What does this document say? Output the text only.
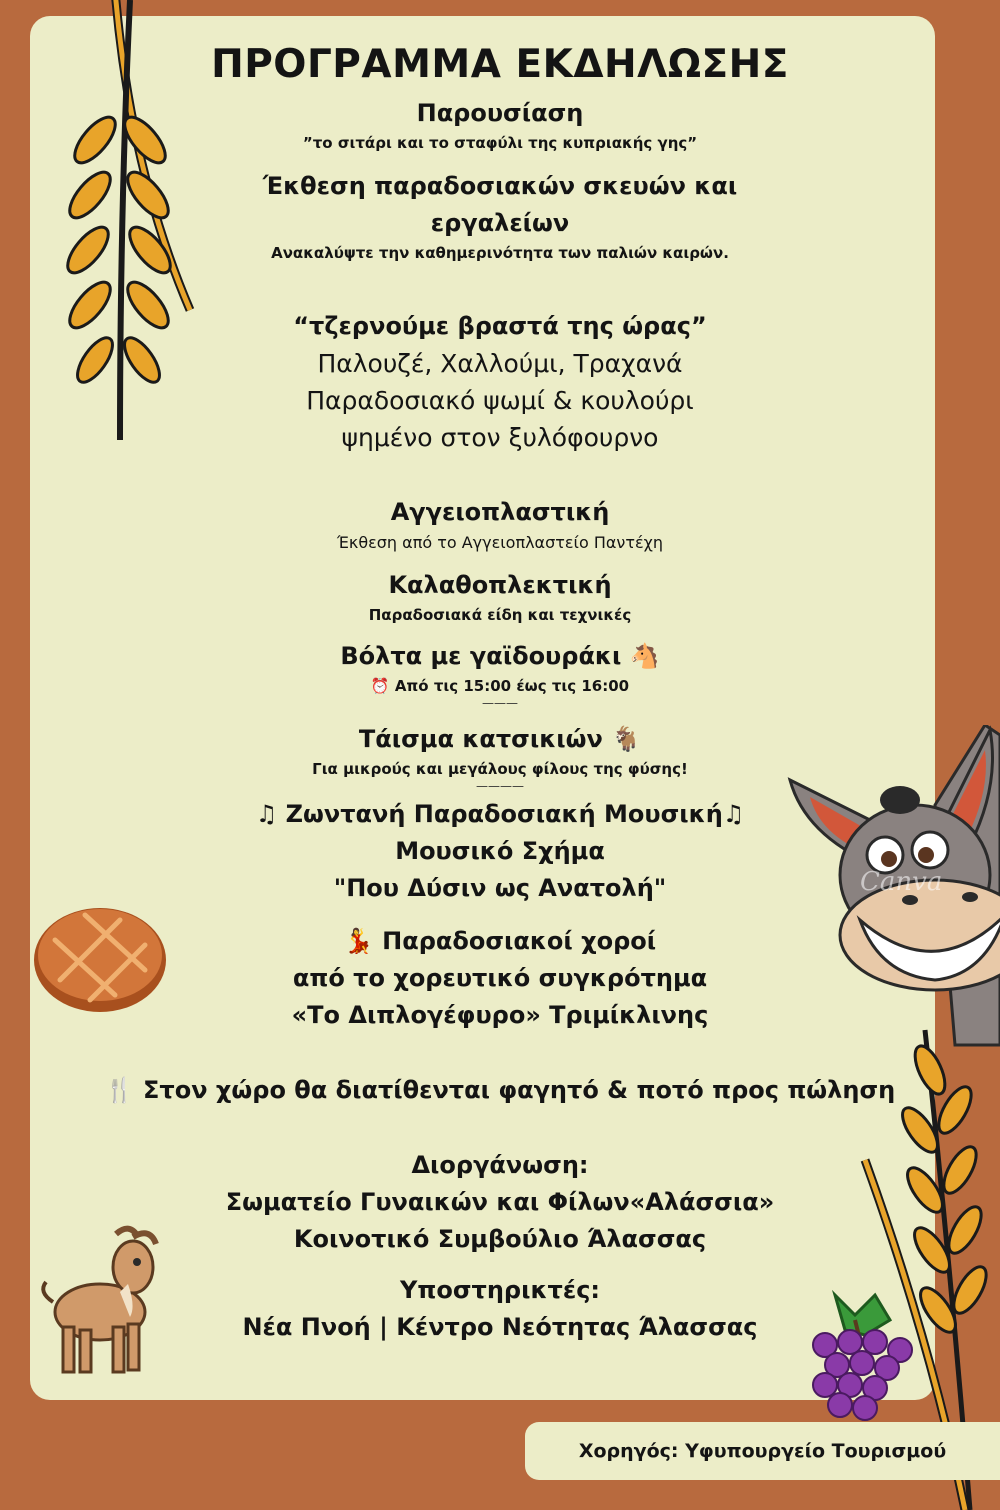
Canva
ΠΡΟΓΡΑΜΜΑ ΕΚΔΗΛΩΣΗΣ
Παρουσίαση
”το σιτάρι και το σταφύλι της κυπριακής γης”
Έκθεση παραδοσιακών σκευών και
εργαλείων
Ανακαλύψτε την καθημερινότητα των παλιών καιρών.
“τζερνούμε βραστά της ώρας”
Παλουζέ, Χαλλούμι, Τραχανά
Παραδοσιακό ψωμί & κουλούρι
ψημένο στον ξυλόφουρνο
Αγγειοπλαστική
Έκθεση από το Αγγειοπλαστείο Παντέχη
Καλαθοπλεκτική
Παραδοσιακά είδη και τεχνικές
Βόλτα με γαϊδουράκι 🐴
⏰ Από τις 15:00 έως τις 16:00
———
Τάισμα κατσικιών 🐐
Για μικρούς και μεγάλους φίλους της φύσης!
————
♫ Ζωντανή Παραδοσιακή Μουσική♫
Μουσικό Σχήμα
"Που Δύσιν ως Ανατολή"
💃 Παραδοσιακοί χοροί
από το χορευτικό συγκρότημα
«Το Διπλογέφυρο» Τριμίκλινης
🍴 Στον χώρο θα διατίθενται φαγητό & ποτό προς πώληση
Διοργάνωση:
Σωματείο Γυναικών και Φίλων«Αλάσσια»
Κοινοτικό Συμβούλιο Άλασσας
Υποστηρικτές:
Νέα Πνοή | Κέντρο Νεότητας Άλασσας
Χορηγός: Υφυπουργείο Τουρισμού
